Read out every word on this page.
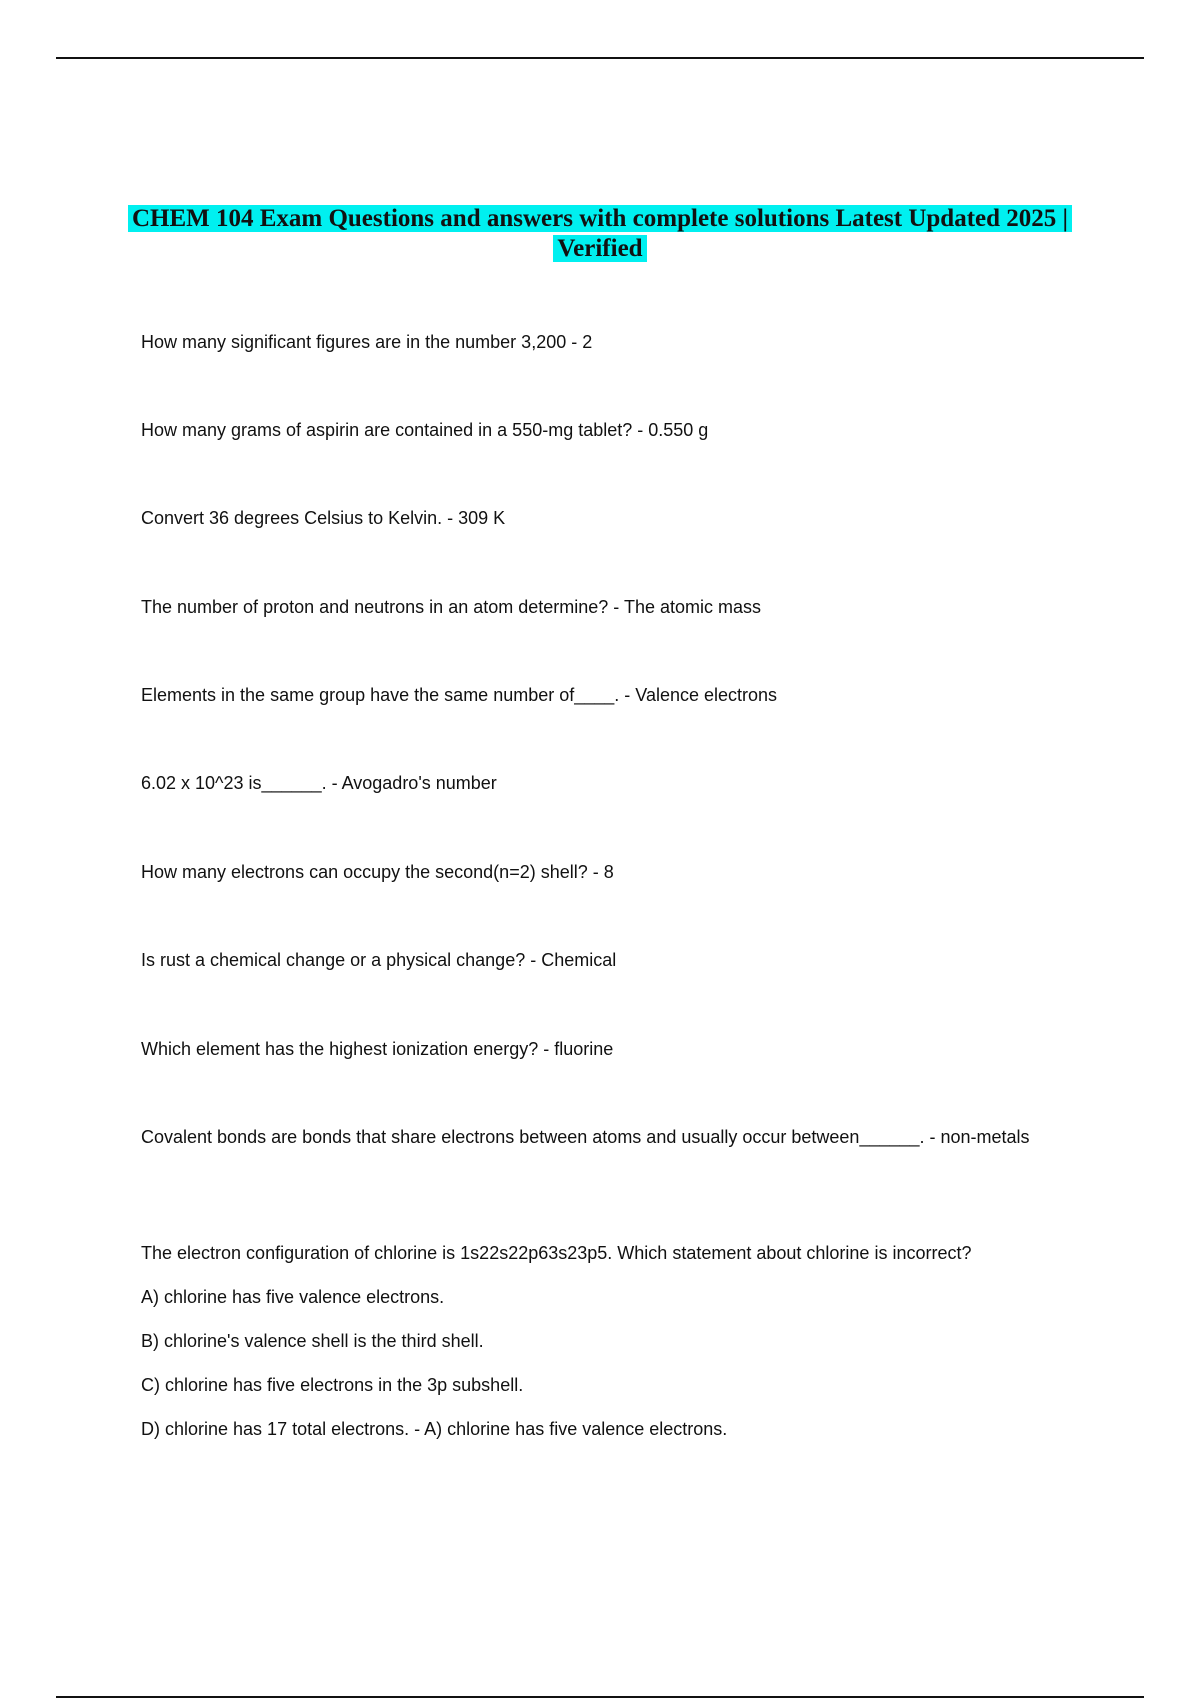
CHEM 104 Exam Questions and answers with complete solutions Latest Updated 2025 | Verified

How many significant figures are in the number 3,200 - 2

How many grams of aspirin are contained in a 550-mg tablet? - 0.550 g

Convert 36 degrees Celsius to Kelvin. - 309 K

The number of proton and neutrons in an atom determine? - The atomic mass

Elements in the same group have the same number of____. - Valence electrons

6.02 x 10^23 is______. - Avogadro's number

How many electrons can occupy the second(n=2) shell? - 8

Is rust a chemical change or a physical change? - Chemical

Which element has the highest ionization energy? - fluorine

Covalent bonds are bonds that share electrons between atoms and usually occur between______. - non-metals

The electron configuration of chlorine is 1s22s22p63s23p5. Which statement about chlorine is incorrect?

A) chlorine has five valence electrons.

B) chlorine's valence shell is the third shell.

C) chlorine has five electrons in the 3p subshell.

D) chlorine has 17 total electrons. - A) chlorine has five valence electrons.
